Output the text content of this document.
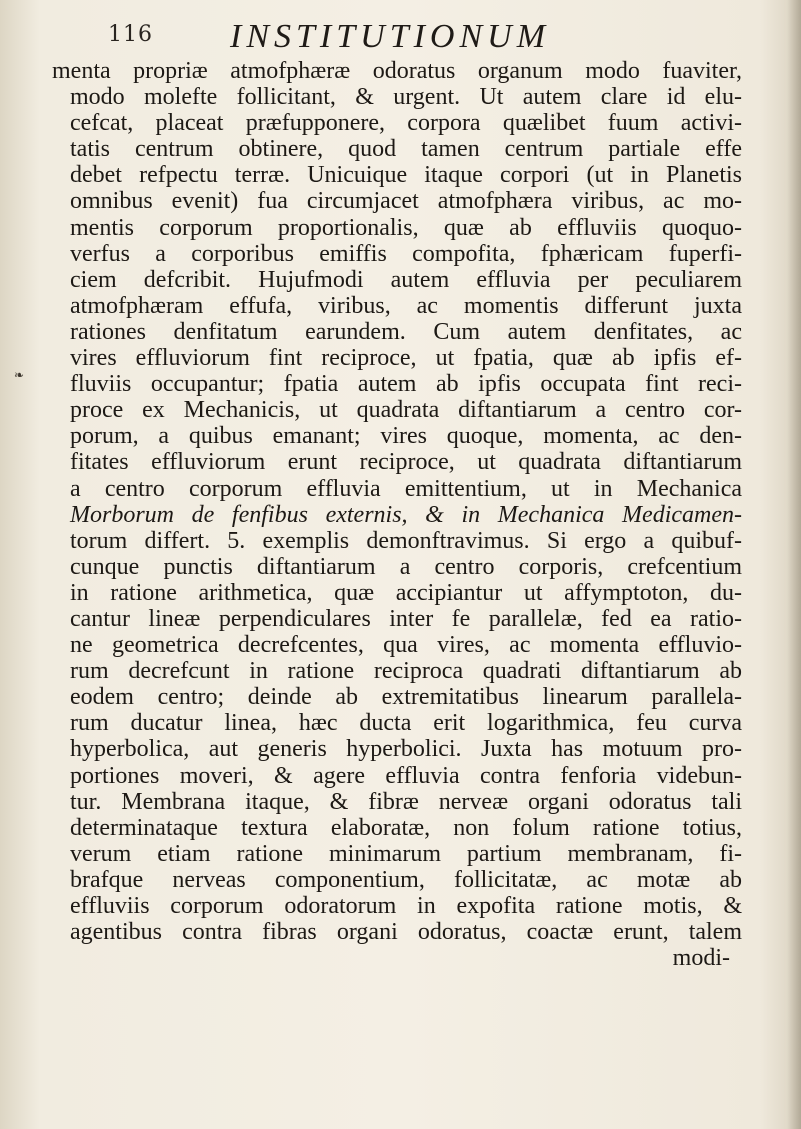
116 INSTITUTIONUM
❧
menta propriæ atmofphæræ odoratus organum modo fuaviter,
modo molefte follicitant, & urgent. Ut autem clare id elu-
cefcat, placeat præfupponere, corpora quælibet fuum activi-
tatis centrum obtinere, quod tamen centrum partiale effe
debet refpectu terræ. Unicuique itaque corpori (ut in Planetis
omnibus evenit) fua circumjacet atmofphæra viribus, ac mo-
mentis corporum proportionalis, quæ ab effluviis quoquo-
verfus a corporibus emiffis compofita, fphæricam fuperfi-
ciem defcribit. Hujufmodi autem effluvia per peculiarem
atmofphæram effufa, viribus, ac momentis differunt juxta
rationes denfitatum earundem. Cum autem denfitates, ac
vires effluviorum fint reciproce, ut fpatia, quæ ab ipfis ef-
fluviis occupantur; fpatia autem ab ipfis occupata fint reci-
proce ex Mechanicis, ut quadrata diftantiarum a centro cor-
porum, a quibus emanant; vires quoque, momenta, ac den-
fitates effluviorum erunt reciproce, ut quadrata diftantiarum
a centro corporum effluvia emittentium, ut in Mechanica
Morborum de fenfibus externis, & in Mechanica Medicamen-
torum differt. 5. exemplis demonftravimus. Si ergo a quibuf-
cunque punctis diftantiarum a centro corporis, crefcentium
in ratione arithmetica, quæ accipiantur ut affymptoton, du-
cantur lineæ perpendiculares inter fe parallelæ, fed ea ratio-
ne geometrica decrefcentes, qua vires, ac momenta effluvio-
rum decrefcunt in ratione reciproca quadrati diftantiarum ab
eodem centro; deinde ab extremitatibus linearum parallela-
rum ducatur linea, hæc ducta erit logarithmica, feu curva
hyperbolica, aut generis hyperbolici. Juxta has motuum pro-
portiones moveri, & agere effluvia contra fenforia videbun-
tur. Membrana itaque, & fibræ nerveæ organi odoratus tali
determinataque textura elaboratæ, non folum ratione totius,
verum etiam ratione minimarum partium membranam, fi-
brafque nerveas componentium, follicitatæ, ac motæ ab
effluviis corporum odoratorum in expofita ratione motis, &
agentibus contra fibras organi odoratus, coactæ erunt, talem
modi-
